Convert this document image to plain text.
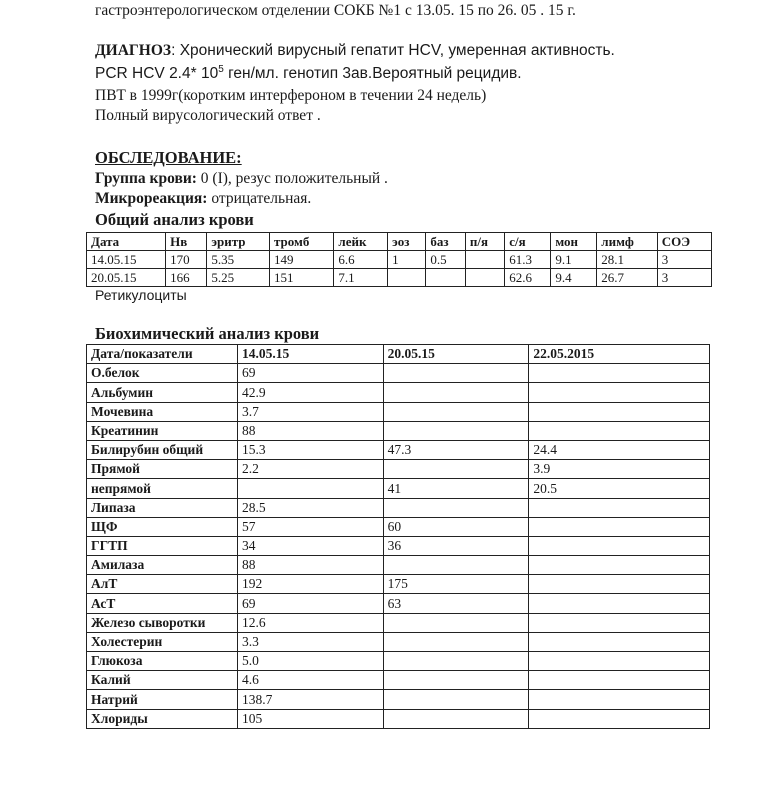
гастроэнтерологическом отделении СОКБ №1 с 13.05. 15 по 26. 05 . 15 г.
ДИАГНОЗ: Хронический вирусный гепатит HCV, умеренная активность.
PCR HCV 2.4* $10^5$ ген/мл. генотип 3ав.Вероятный рецидив.
ПВТ в 1999г(коротким интерфероном в течении 24 недель)
Полный вирусологический ответ .
ОБСЛЕДОВАНИЕ:
Группа крови: 0 (I), резус положительный .
Микрореакция: отрицательная.
Общий анализ крови
Дата	Нв	эритр	тромб	лейк	эоз	баз	п/я	с/я	мон	лимф	СОЭ
14.05.15	170	5.35	149	6.6	1	0.5		61.3	9.1	28.1	3
20.05.15	166	5.25	151	7.1				62.6	9.4	26.7	3
Ретикулоциты
Биохимический анализ крови
Дата/показатели	14.05.15	20.05.15	22.05.2015
О.белок	69		
Альбумин	42.9		
Мочевина	3.7		
Креатинин	88		
Билирубин общий	15.3	47.3	24.4
Прямой	2.2		3.9
непрямой		41	20.5
Липаза	28.5		
ЩФ	57	60	
ГГТП	34	36	
Амилаза	88		
АлТ	192	175	
АсТ	69	63	
Железо сыворотки	12.6		
Холестерин	3.3		
Глюкоза	5.0		
Калий	4.6		
Натрий	138.7		
Хлориды	105		
